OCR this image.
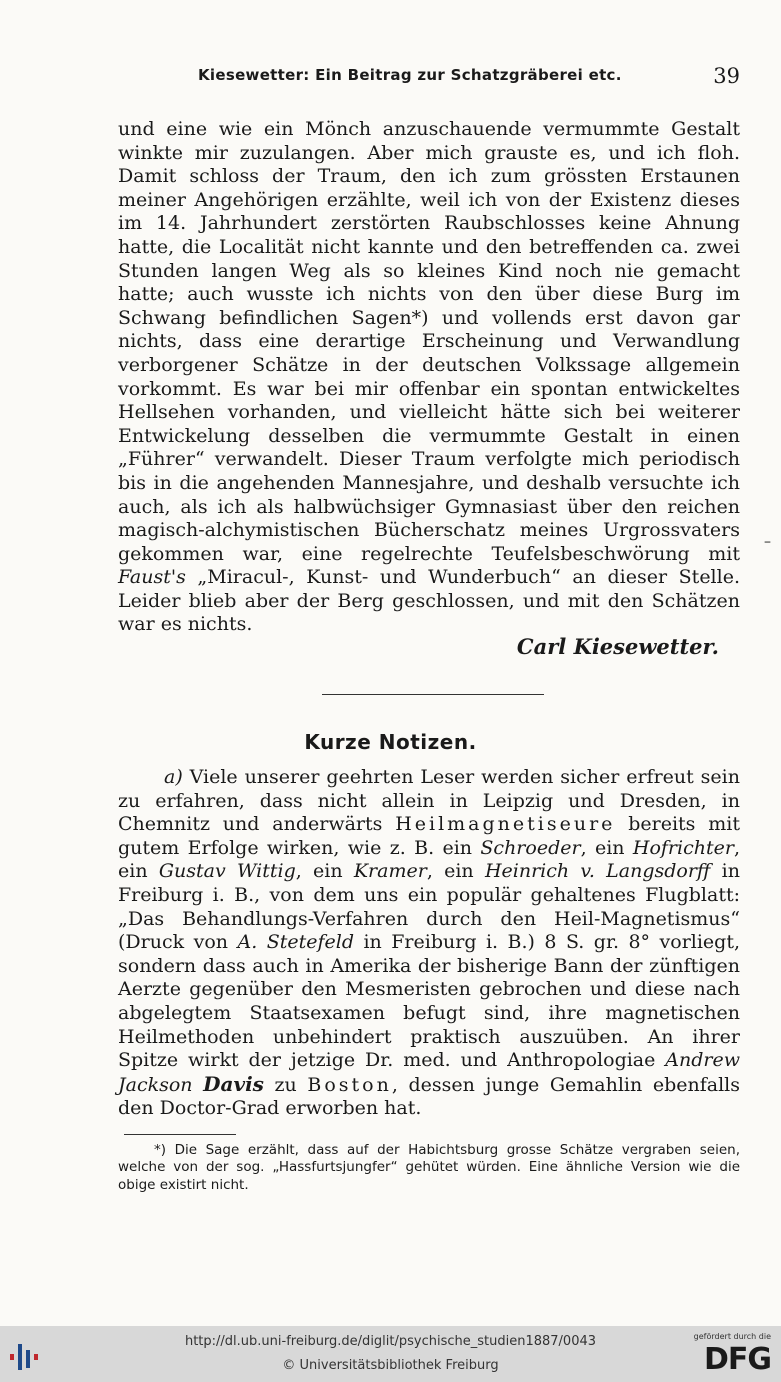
Kiesewetter: Ein Beitrag zur Schatzgräberei etc.	39

und eine wie ein Mönch anzuschauende vermummte Gestalt winkte mir zuzulangen. Aber mich grauste es, und ich floh. Damit schloss der Traum, den ich zum grössten Erstaunen meiner Angehörigen erzählte, weil ich von der Existenz dieses im 14. Jahrhundert zerstörten Raubschlosses keine Ahnung hatte, die Localität nicht kannte und den betreffenden ca. zwei Stunden langen Weg als so kleines Kind noch nie gemacht hatte; auch wusste ich nichts von den über diese Burg im Schwang befindlichen Sagen*) und vollends erst davon gar nichts, dass eine derartige Erscheinung und Verwandlung verborgener Schätze in der deutschen Volkssage allgemein vorkommt. Es war bei mir offenbar ein spontan entwickeltes Hellsehen vorhanden, und vielleicht hätte sich bei weiterer Entwickelung desselben die vermummte Gestalt in einen „Führer“ verwandelt. Dieser Traum verfolgte mich periodisch bis in die angehenden Mannesjahre, und deshalb versuchte ich auch, als ich als halbwüchsiger Gymnasiast über den reichen magisch-alchymistischen Bücherschatz meines Urgrossvaters gekommen war, eine regelrechte Teufelsbeschwörung mit Faust's „Miracul-, Kunst- und Wunderbuch“ an dieser Stelle. Leider blieb aber der Berg geschlossen, und mit den Schätzen war es nichts.

Carl Kiesewetter.
Kurze Notizen.

a) Viele unserer geehrten Leser werden sicher erfreut sein zu erfahren, dass nicht allein in Leipzig und Dresden, in Chemnitz und anderwärts Heilmagnetiseure bereits mit gutem Erfolge wirken, wie z. B. ein Schroeder, ein Hofrichter, ein Gustav Wittig, ein Kramer, ein Heinrich v. Langsdorff in Freiburg i. B., von dem uns ein populär gehaltenes Flugblatt: „Das Behandlungs-Verfahren durch den Heil-Magnetismus“ (Druck von A. Stetefeld in Freiburg i. B.) 8 S. gr. 8° vorliegt, sondern dass auch in Amerika der bisherige Bann der zünftigen Aerzte gegenüber den Mesmeristen gebrochen und diese nach abgelegtem Staatsexamen befugt sind, ihre magnetischen Heilmethoden unbehindert praktisch auszuüben. An ihrer Spitze wirkt der jetzige Dr. med. und Anthropologiae Andrew Jackson Davis zu Boston, dessen junge Gemahlin ebenfalls den Doctor-Grad erworben hat.

*) Die Sage erzählt, dass auf der Habichtsburg grosse Schätze vergraben seien, welche von der sog. „Hassfurtsjungfer“ gehütet würden. Eine ähnliche Version wie die obige existirt nicht.

–
http://dl.ub.uni-freiburg.de/diglit/psychische_studien1887/0043
© Universitätsbibliothek Freiburg
gefördert durch die
DFG
